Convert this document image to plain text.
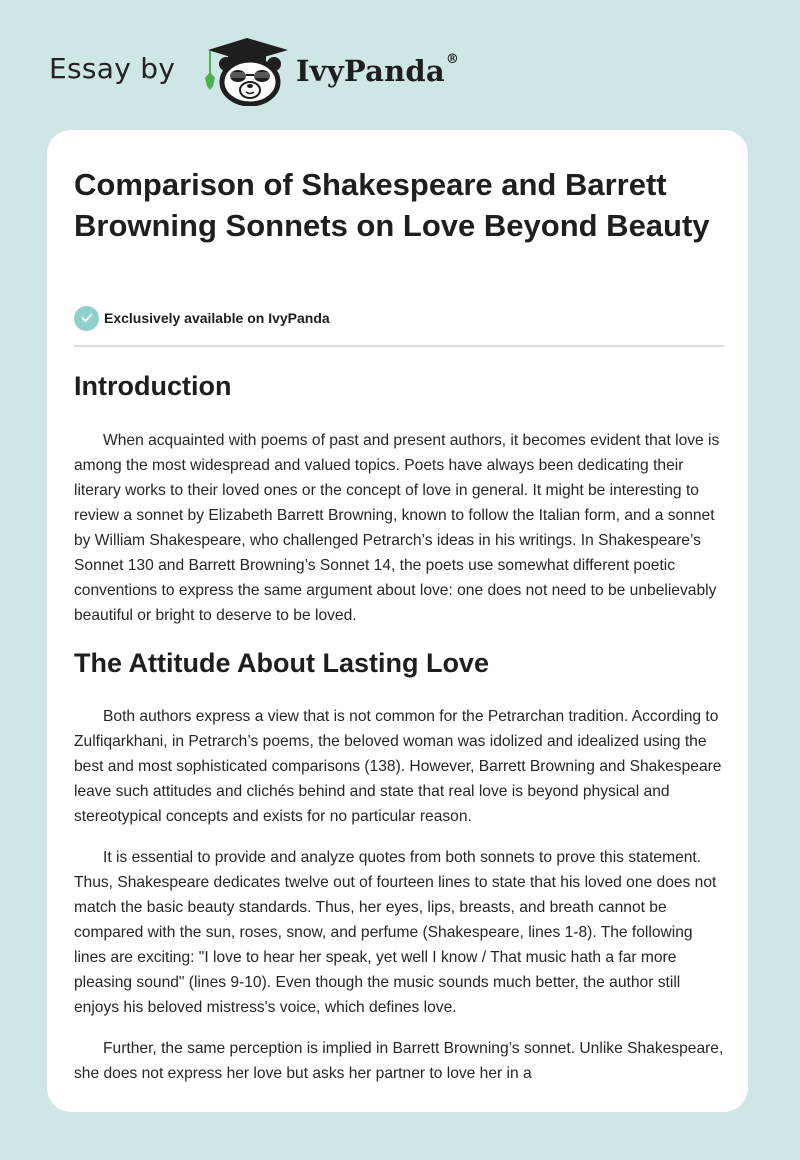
Essay by	IvyPanda®
Comparison of Shakespeare and Barrett Browning Sonnets on Love Beyond Beauty
Exclusively available on IvyPanda
Introduction

When acquainted with poems of past and present authors, it becomes evident that love is among the most widespread and valued topics. Poets have always been dedicating their literary works to their loved ones or the concept of love in general. It might be interesting to review a sonnet by Elizabeth Barrett Browning, known to follow the Italian form, and a sonnet by William Shakespeare, who challenged Petrarch’s ideas in his writings. In Shakespeare’s Sonnet 130 and Barrett Browning’s Sonnet 14, the poets use somewhat different poetic conventions to express the same argument about love: one does not need to be unbelievably beautiful or bright to deserve to be loved.

The Attitude About Lasting Love

Both authors express a view that is not common for the Petrarchan tradition. According to Zulfiqarkhani, in Petrarch’s poems, the beloved woman was idolized and idealized using the best and most sophisticated comparisons (138). However, Barrett Browning and Shakespeare leave such attitudes and clichés behind and state that real love is beyond physical and stereotypical concepts and exists for no particular reason.

It is essential to provide and analyze quotes from both sonnets to prove this statement. Thus, Shakespeare dedicates twelve out of fourteen lines to state that his loved one does not match the basic beauty standards. Thus, her eyes, lips, breasts, and breath cannot be compared with the sun, roses, snow, and perfume (Shakespeare, lines 1-8). The following lines are exciting: "I love to hear her speak, yet well I know / That music hath a far more pleasing sound" (lines 9-10). Even though the music sounds much better, the author still enjoys his beloved mistress's voice, which defines love.

Further, the same perception is implied in Barrett Browning’s sonnet. Unlike Shakespeare, she does not express her love but asks her partner to love her in a
